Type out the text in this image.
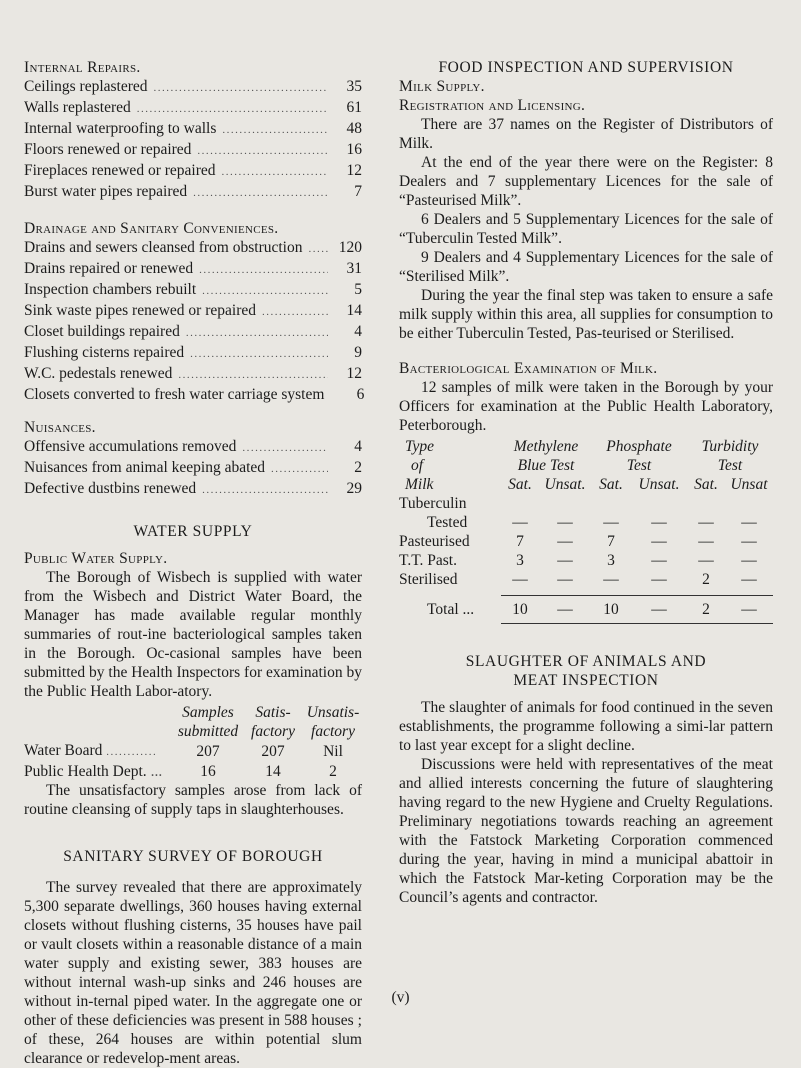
Internal Repairs.
Ceilings replastered .....	35
Walls replastered .....	61
Internal waterproofing to walls .....	48
Floors renewed or repaired .....	16
Fireplaces renewed or repaired .....	12
Burst water pipes repaired .....	7
Drainage and Sanitary Conveniences.
Drains and sewers cleansed from obstruction .....	120
Drains repaired or renewed .....	31
Inspection chambers rebuilt .....	5
Sink waste pipes renewed or repaired .....	14
Closet buildings repaired .....	4
Flushing cisterns repaired .....	9
W.C. pedestals renewed .....	12
Closets converted to fresh water carriage system	6
Nuisances.
Offensive accumulations removed .....	4
Nuisances from animal keeping abated .....	2
Defective dustbins renewed .....	29
WATER SUPPLY
Public Water Supply.

The Borough of Wisbech is supplied with water from the Wisbech and District Water Board, the Manager has made available regular monthly summaries of rout-ine bacteriological samples taken in the Borough. Oc-casional samples have been submitted by the Health Inspectors for examination by the Public Health Labor-atory.

	Samples	Satis-	Unsatis-
	submitted	factory	factory
Water Board ............	207	207	Nil
Public Health Dept. ...	16	14	2

The unsatisfactory samples arose from lack of routine cleansing of supply taps in slaughterhouses.

SANITARY SURVEY OF BOROUGH

The survey revealed that there are approximately 5,300 separate dwellings, 360 houses having external closets without flushing cisterns, 35 houses have pail or vault closets within a reasonable distance of a main water supply and existing sewer, 383 houses are without internal wash-up sinks and 246 houses are without in-ternal piped water. In the aggregate one or other of these deficiencies was present in 588 houses ; of these, 264 houses are within potential slum clearance or redevelop-ment areas.

FOOD INSPECTION AND SUPERVISION
Milk Supply.
Registration and Licensing.

There are 37 names on the Register of Distributors of Milk.

At the end of the year there were on the Register: 8 Dealers and 7 supplementary Licences for the sale of “Pasteurised Milk”.

6 Dealers and 5 Supplementary Licences for the sale of “Tuberculin Tested Milk”.

9 Dealers and 4 Supplementary Licences for the sale of “Sterilised Milk”.

During the year the final step was taken to ensure a safe milk supply within this area, all supplies for consumption to be either Tuberculin Tested, Pas-teurised or Sterilised.

Bacteriological Examination of Milk.

12 samples of milk were taken in the Borough by your Officers for examination at the Public Health Laboratory, Peterborough.

Type	Methylene		Phosphate		Turbidity	
of	Blue Test		Test		Test	
Milk	Sat.	Unsat.	Sat.	Unsat.	Sat.	Unsat
Tuberculin						
Tested	—	—	—	—	—	—
Pasteurised	7	—	7	—	—	—
T.T. Past.	3	—	3	—	—	—
Sterilised	—	—	—	—	2	—

Total ...	10	—	10	—	2	—

SLAUGHTER OF ANIMALS AND
MEAT INSPECTION

The slaughter of animals for food continued in the seven establishments, the programme following a simi-lar pattern to last year except for a slight decline.

Discussions were held with representatives of the meat and allied interests concerning the future of slaughtering having regard to the new Hygiene and Cruelty Regulations. Preliminary negotiations towards reaching an agreement with the Fatstock Marketing Corporation commenced during the year, having in mind a municipal abattoir in which the Fatstock Mar-keting Corporation may be the Council’s agents and contractor.

(v)
